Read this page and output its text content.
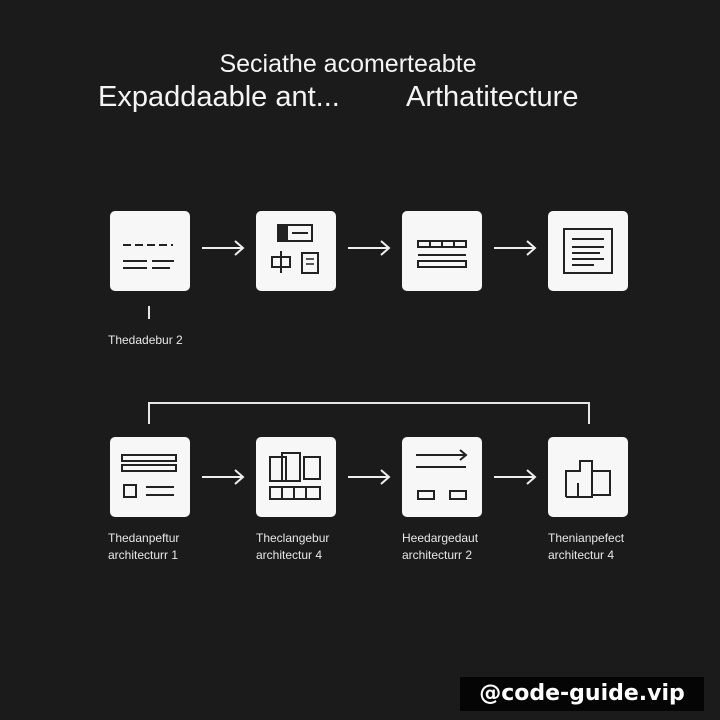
Seciathe acomerteabte
Expaddaable ant... Arthatitecture
Thedadebur 2
Thedanpeftur
architecturr 1
Theclangebur
architectur 4
Heedargedaut
architecturr 2
Thenianpefect
architectur 4
@code-guide.vip
